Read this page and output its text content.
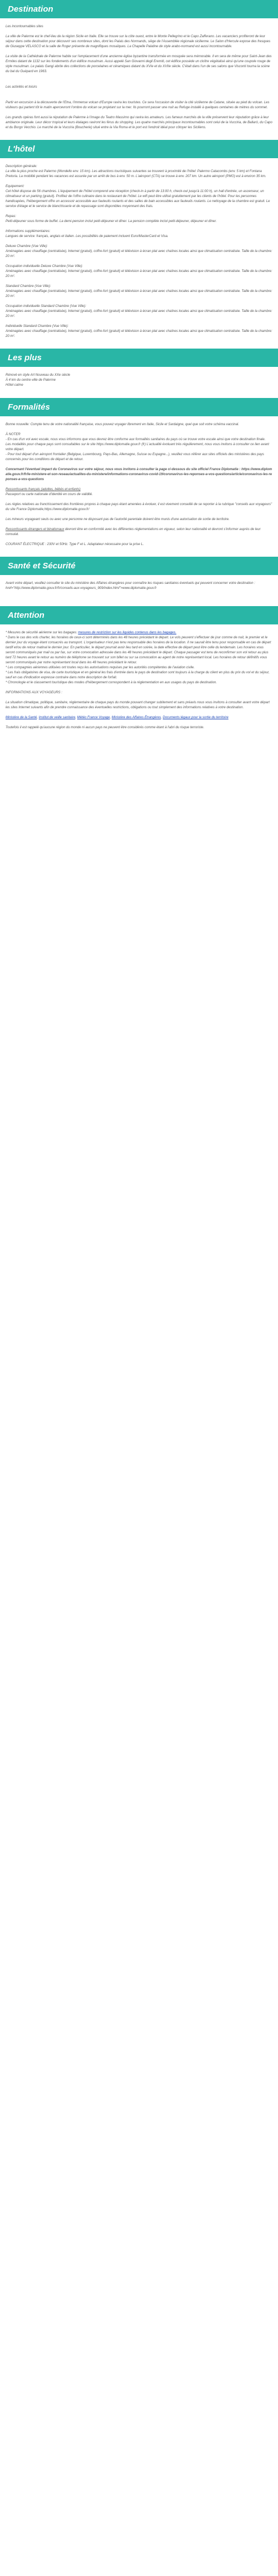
Destination

Les incontournables sites

La ville de Palerme est le chef-lieu de la région Sicile en Italie. Elle se trouve sur la côte ouest, entre le Monte Pellegrino et le Capo Zafferano. Les vacanciers profiteront de leur séjour dans cette destination pour découvrir ses nombreux sites, dont les Palais des Normands, siège de l'Assemblée régionale sicilienne. Le Salon d'Hercule expose des fresques de Giuseppe VELASCO et la salle de Roger présente de magnifiques mosaïques. La Chapelle Palatine de style arabo-normand est aussi incontournable.

La visite de la Cathédrale de Palerme habite sur l'emplacement d'une ancienne église byzantine transformée en mosquée sera mémorable. Il en sera de même pour Saint-Jean des Ermites datant de 1132 sur les fondements d'un édifice musulman. Aussi appelé San Giovanni degli Eremiti, cet édifice possède un cloître végétalisé ainsi qu'une coupole rouge de style musulman. Le palais Gangi abrite des collections de porcelaines et céramiques datant du XVIe et du XVIIe siècle. C'était dans l'un de ses salons que Visconti tourna la scène du bal du Guépard en 1963.

Les activités et loisirs

Partir en excursion à la découverte de l'Etna, l'immense volcan d'Europe ravira les touristes. Ce sera l'occasion de visiter la cité sicilienne de Catane, située au pied du volcan. Les visiteurs qui partent tôt le matin apercevront l'ombre du volcan se projetant sur la mer. Ils pourront passer une nuit au Refuge installé à quelques centaines de mètres du sommet.

Les grands opéras font aussi la réputation de Palerme à l'image du Teatro Massimo qui ravira les amateurs. Les fameux marchés de la ville préservent leur réputation grâce à leur ambiance originale. Leur décor tropical et leurs étalages raviront les férus du shopping. Les quatre marchés principaux incontournables sont celui de la Vucciria, de Ballarò, du Capo et du Borgo Vecchio. Le marché de la Vucciria (Boucherie) situé entre la Via Roma et le port est l'endroit idéal pour côtoyer les Siciliens.

L'hôtel

Description générale:

La ville la plus proche est Palermo (Mondello env. 15 km). Les attractions touristiques suivantes se trouvent à proximité de l'hôtel: Palermo Catacombs (env. 5 km) et Fontana Pretoria. La mobilité pendant les vacances est assurée par un arrêt de bus à env. 50 m. L'aéroport (CTA) se trouve à env. 207 km. Un autre aéroport (PMO) est à environ 35 km.

Equipement:

Cet hôtel dispose de 56 chambres. L'équipement de l'hôtel comprend une réception (check-in à partir de 13:00 h, check-out jusqu'à 11:00 h), un hall d'entrée, un ascenseur, un climatiseur et un parking (gratuit). Profitez de l'offre culinaire dans le restaurant de l'hôtel. Le wifi peut être utilisé gratuitement par les clients de l'hôtel. Pour les personnes handicapées, l'hébergement offre un accessoir accessible aux fauteuils roulants et des salles de bain accessibles aux fauteuils roulants. Le nettoyage de la chambre est gratuit. Le service d'étage et le service de blanchisserie et de repassage sont disponibles moyennant des frais.

Repas:

Petit-déjeuner sous forme de buffet. La demi-pension inclut petit-déjeuner et dîner. La pension complète inclut petit-déjeuner, déjeuner et dîner.

Informations supplémentaires:

Langues de service: français, anglais et italien. Les possibilités de paiement incluent Euro/MasterCard et Visa.

Deluxe Chambre (Vue Ville):

Aménagées avec chauffage (centralisée), Internet (gratuit), coffre-fort (gratuit) et télévision à écran plat avec chaînes locales ainsi que climatisation centralisée. Taille de la chambre: 20 m².

Occupation individuelle Deluxe Chambre (Vue Ville):

Aménagées avec chauffage (centralisée), Internet (gratuit), coffre-fort (gratuit) et télévision à écran plat avec chaînes locales ainsi que climatisation centralisée. Taille de la chambre: 20 m².

Standard Chambre (Vue Ville):

Aménagées avec chauffage (centralisée), Internet (gratuit), coffre-fort (gratuit) et télévision à écran plat avec chaînes locales ainsi que climatisation centralisée. Taille de la chambre: 20 m².

Occupation individuelle Standard Chambre (Vue Ville):

Aménagées avec chauffage (centralisée), Internet (gratuit), coffre-fort (gratuit) et télévision à écran plat avec chaînes locales ainsi que climatisation centralisée. Taille de la chambre: 20 m².

Individuelle Standard Chambre (Vue Ville):

Aménagées avec chauffage (centralisée), Internet (gratuit), coffre-fort (gratuit) et télévision à écran plat avec chaînes locales ainsi que climatisation centralisée. Taille de la chambre: 20 m².

Les plus

Rénové en style Art Nouveau du XXe siècle

À 4 km du centre-ville de Palerme

Hôtel calme

Formalités

Bonne nouvelle: Compte tenu de votre nationalité française, vous pouvez voyager librement en Italie, Sicile et Sardaigne, quel que soit votre schéma vaccinal.

À NOTER

- En cas d'un vol avec escale, nous vous informons que vous devrez être conforme aux formalités sanitaires du pays où se trouve votre escale ainsi que votre destination finale.
Les modalités pour chaque pays sont consultables sur le site https://www.diplomatie.gouv.fr (fr) L'actualité évoluant très régulièrement, nous vous invitons à consulter ce lien avant votre départ.
- Pour tout départ d'un aéroport frontalier (Belgique, Luxembourg, Pays-Bas, Allemagne, Suisse ou Espagne...), veuillez vous référer aux sites officiels des ministères des pays concernés pour les conditions de départ et de retour.

Concernant l'éventuel impact du Coronavirus sur votre séjour, nous vous invitons à consulter la page ci-dessous du site officiel France Diplomatie : https://www.diplomatie.gouv.fr/fr/le-ministere-et-son-reseau/actualites-du-ministere/informations-coronavirus-covid-19/coronavirus-les-reponses-a-vos-questions/article/coronavirus-les-reponses-a-vos-questions

Ressortissants français (adultes, bébés et enfants)

Passeport ou carte nationale d'identité en cours de validité.

Les règles relatives au franchissement des frontières propres à chaque pays étant amenées à évoluer, il est vivement conseillé de se reporter à la rubrique "conseils aux voyageurs" du site France Diplomatie,https://www.diplomatie.gouv.fr/

Les mineurs voyageant seuls ou avec une personne ne disposant pas de l'autorité parentale doivent être munis d'une autorisation de sortie de territoire.

Ressortissants étrangers et binationaux devront être en conformité avec les différentes réglementations en vigueur, selon leur nationalité et devront s'informer auprès de leur consulat.

COURANT ÉLECTRIQUE : 230V et 50Hz. Type F et L. Adaptateur nécessaire pour la prise L.

Santé et Sécurité

Avant votre départ, veuillez consulter le site du ministère des Affaires étrangères pour connaître les risques sanitaires éventuels qui peuvent concerner votre destination : href="http://www.diplomatie.gouv.fr/fr/conseils-aux-voyageurs_909/index.html">www.diplomatie.gouv.fr

Attention

* Mesures de sécurité aérienne sur les bagages: mesures de restriction sur les liquides contenus dans les bagages.

* Dans le cas des vols charter, les horaires de ceux-ci sont déterminés dans les 48 heures précédant le départ. Le vols peuvent s'effectuer de jour comme de nuit, le premier et le dernier jour du voyage étant consacrés au transport. L'organisateur n'est pas tenu responsable des horaires de la location. Il ne saurait être tenu pour responsable en cas de départ tardif et/ou de retour matinal le dernier jour. En particulier, le départ pourrait avoir lieu tard en soirée, la date effective de départ peut être celle du lendemain. Les horaires vous seront communiqués par mail ou par fax, sur votre convocation adressée dans les 48 heures précédant le départ. Chaque passager est tenu de reconfirmer son vol retour au plus tard 72 heures avant le retour au numéro de téléphone se trouvant sur son billet ou sur sa convocation au agent de notre représentant local. Les horaires de retour définitifs vous seront communiqués par notre représentant local dans les 48 heures précédant le retour.
* Les compagnies aériennes utilisées ont toutes reçu les autorisations requises par les autorités compétentes de l'aviation civile.
* Les frais obligatoires de visa, de carte touristique et en général les frais d'entrée dans le pays de destination sont toujours à la charge du client en plus du prix du vol et du séjour, sauf en cas d'indication expresse contraire dans notre description de forfait.
* Chronologie et le classement touristique des modes d'hébergement correspondent à la réglementation en aux usages du pays de destination.

INFORMATIONS AUX VOYAGEURS :

La situation climatique, politique, sanitaire, réglementaire de chaque pays du monde pouvant changer subitement et sans préavis nous vous invitons à consulter avant votre départ les sites Internet suivants afin de prendre connaissance des éventuelles restrictions, obligations ou tout simplement des informations relatives à votre destination.

Ministère de la Santé, Institut de veille sanitaire, Météo France Voyage, Ministère des Affaires Étrangères, Documents légaux pour la sortie du territoire

Toutefois il est rappelé qu'aucune région du monde ni aucun pays ne peuvent être considérés comme étant à l'abri du risque terroriste.
